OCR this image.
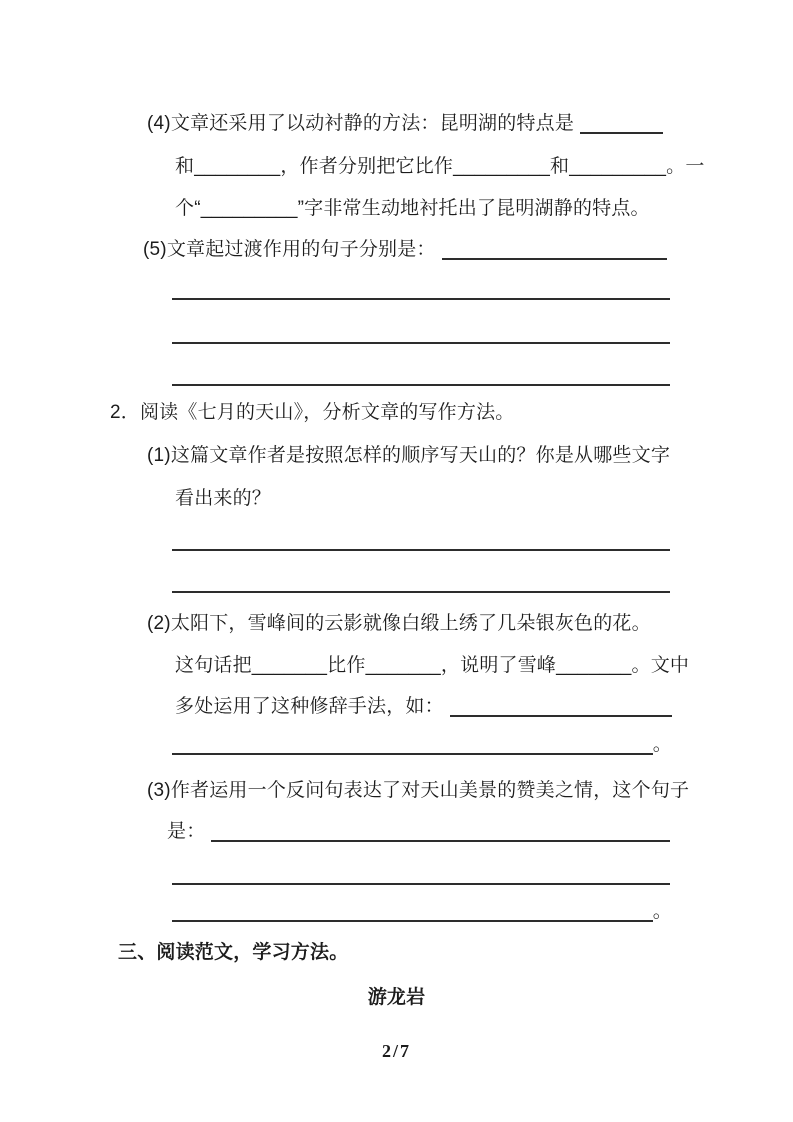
(4)文章还采用了以动衬静的方法：昆明湖的特点是
和________，作者分别把它比作_________和_________。一
个“_________”字非常生动地衬托出了昆明湖静的特点。
(5)文章起过渡作用的句子分别是：
2．阅读《七月的天山》，分析文章的写作方法。
(1)这篇文章作者是按照怎样的顺序写天山的？你是从哪些文字
看出来的？
(2)太阳下，雪峰间的云影就像白缎上绣了几朵银灰色的花。
这句话把_______比作_______，说明了雪峰_______。文中
多处运用了这种修辞手法，如：
。
(3)作者运用一个反问句表达了对天山美景的赞美之情，这个句子
是：
。
三、阅读范文，学习方法。
游龙岩
2/7
